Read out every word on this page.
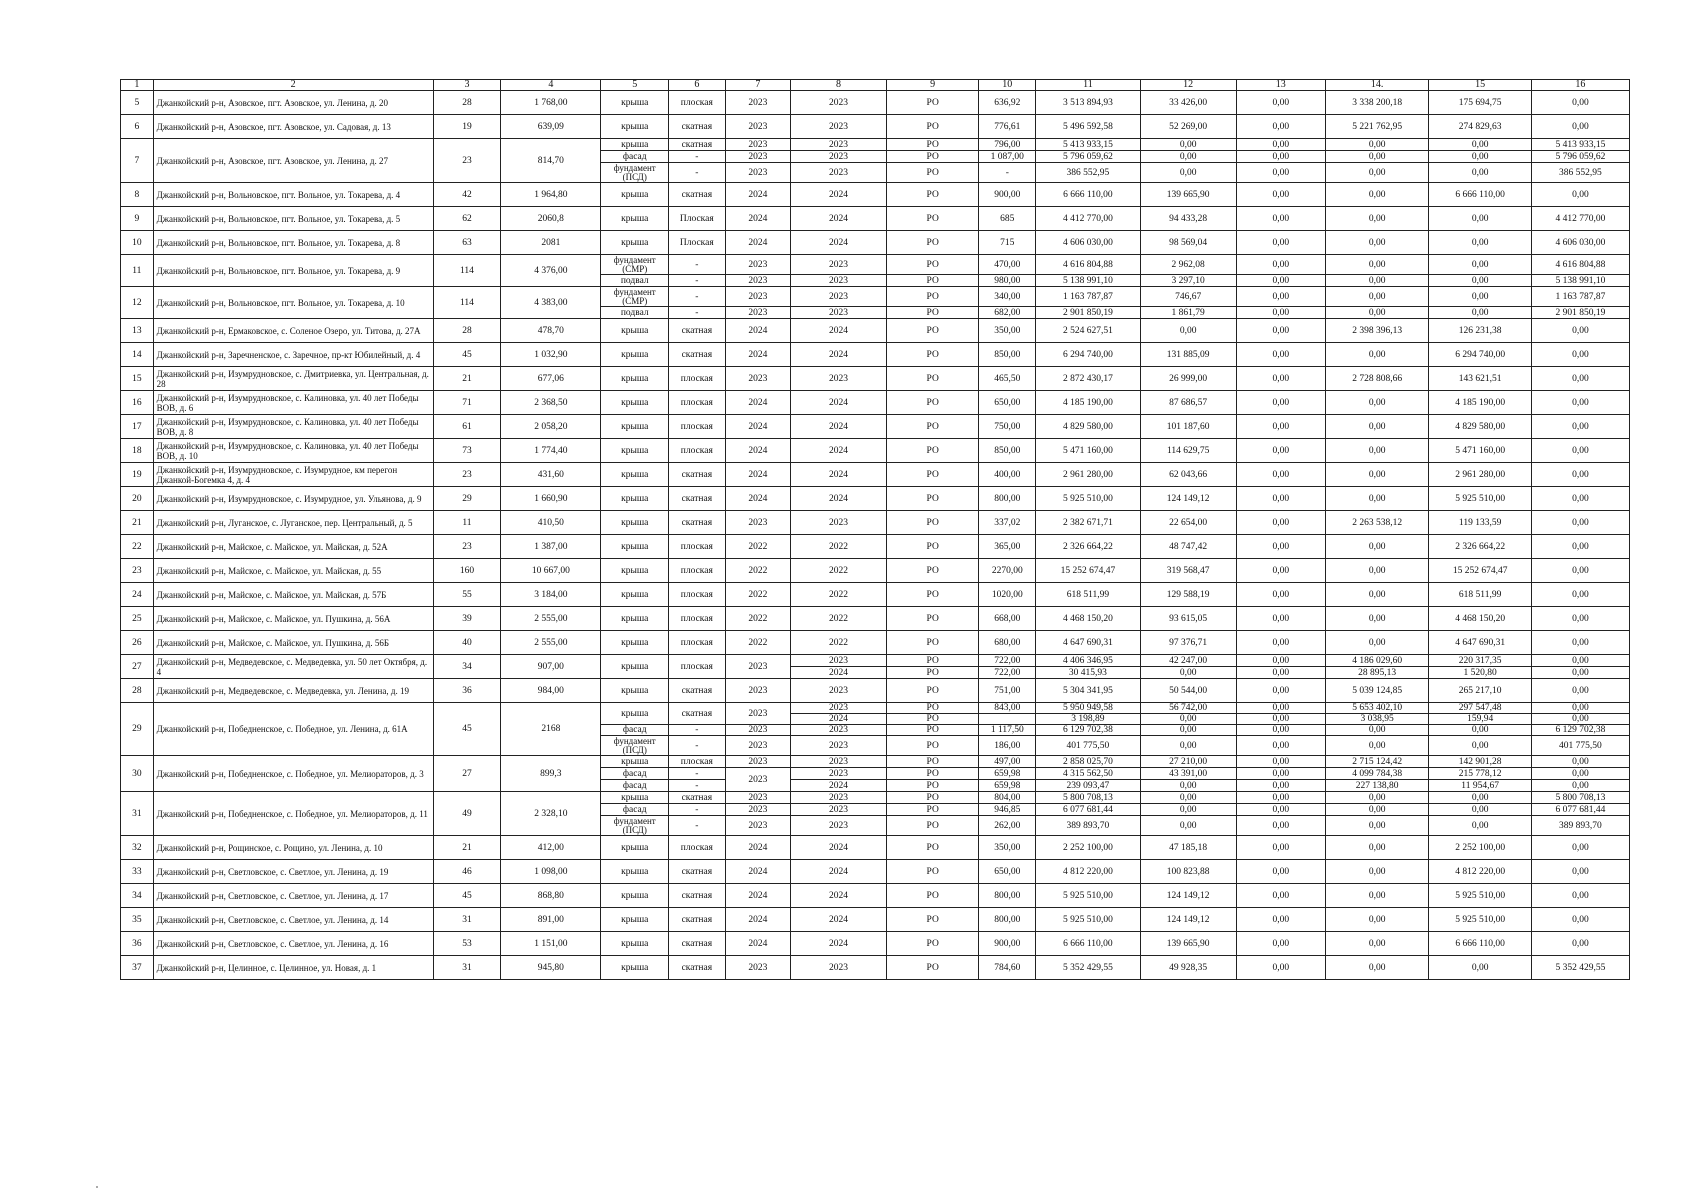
1	2	3	4	5	6	7	8	9	10	11	12	13	14.	15	16
5	Джанкойский р-н, Азовское, пгт. Азовское, ул. Ленина, д. 20	28	1 768,00	крыша	плоская	2023	2023	РО	636,92	3 513 894,93	33 426,00	0,00	3 338 200,18	175 694,75	0,00
6	Джанкойский р-н, Азовское, пгт. Азовское, ул. Садовая, д. 13	19	639,09	крыша	скатная	2023	2023	РО	776,61	5 496 592,58	52 269,00	0,00	5 221 762,95	274 829,63	0,00
7	Джанкойский р-н, Азовское, пгт. Азовское, ул. Ленина, д. 27	23	814,70	крыша	скатная	2023	2023	РО	796,00	5 413 933,15	0,00	0,00	0,00	0,00	5 413 933,15
				фасад	-	2023	2023	РО	1 087,00	5 796 059,62	0,00	0,00	0,00	0,00	5 796 059,62
				фундамент (ПСД)	-	2023	2023	РО	-	386 552,95	0,00	0,00	0,00	0,00	386 552,95
8	Джанкойский р-н, Вольновское, пгт. Вольное, ул. Токарева, д. 4	42	1 964,80	крыша	скатная	2024	2024	РО	900,00	6 666 110,00	139 665,90	0,00	0,00	6 666 110,00	0,00
9	Джанкойский р-н, Вольновское, пгт. Вольное, ул. Токарева, д. 5	62	2060,8	крыша	Плоская	2024	2024	РО	685	4 412 770,00	94 433,28	0,00	0,00	0,00	4 412 770,00
10	Джанкойский р-н, Вольновское, пгт. Вольное, ул. Токарева, д. 8	63	2081	крыша	Плоская	2024	2024	РО	715	4 606 030,00	98 569,04	0,00	0,00	0,00	4 606 030,00
11	Джанкойский р-н, Вольновское, пгт. Вольное, ул. Токарева, д. 9	114	4 376,00	фундамент (СМР)	-	2023	2023	РО	470,00	4 616 804,88	2 962,08	0,00	0,00	0,00	4 616 804,88
				подвал	-	2023	2023	РО	980,00	5 138 991,10	3 297,10	0,00	0,00	0,00	5 138 991,10
12	Джанкойский р-н, Вольновское, пгт. Вольное, ул. Токарева, д. 10	114	4 383,00	фундамент (СМР)	-	2023	2023	РО	340,00	1 163 787,87	746,67	0,00	0,00	0,00	1 163 787,87
				подвал	-	2023	2023	РО	682,00	2 901 850,19	1 861,79	0,00	0,00	0,00	2 901 850,19
13	Джанкойский р-н, Ермаковское, с. Соленое Озеро, ул. Титова, д. 27А	28	478,70	крыша	скатная	2024	2024	РО	350,00	2 524 627,51	0,00	0,00	2 398 396,13	126 231,38	0,00
14	Джанкойский р-н, Заречненское, с. Заречное, пр-кт Юбилейный, д. 4	45	1 032,90	крыша	скатная	2024	2024	РО	850,00	6 294 740,00	131 885,09	0,00	0,00	6 294 740,00	0,00
15	Джанкойский р-н, Изумрудновское, с. Дмитриевка, ул. Центральная, д. 28	21	677,06	крыша	плоская	2023	2023	РО	465,50	2 872 430,17	26 999,00	0,00	2 728 808,66	143 621,51	0,00
16	Джанкойский р-н, Изумрудновское, с. Калиновка, ул. 40 лет Победы ВОВ, д. 6	71	2 368,50	крыша	плоская	2024	2024	РО	650,00	4 185 190,00	87 686,57	0,00	0,00	4 185 190,00	0,00
17	Джанкойский р-н, Изумрудновское, с. Калиновка, ул. 40 лет Победы ВОВ, д. 8	61	2 058,20	крыша	плоская	2024	2024	РО	750,00	4 829 580,00	101 187,60	0,00	0,00	4 829 580,00	0,00
18	Джанкойский р-н, Изумрудновское, с. Калиновка, ул. 40 лет Победы ВОВ, д. 10	73	1 774,40	крыша	плоская	2024	2024	РО	850,00	5 471 160,00	114 629,75	0,00	0,00	5 471 160,00	0,00
19	Джанкойский р-н, Изумрудновское, с. Изумрудное, км перегон Джанкой-Богемка 4, д. 4	23	431,60	крыша	скатная	2024	2024	РО	400,00	2 961 280,00	62 043,66	0,00	0,00	2 961 280,00	0,00
20	Джанкойский р-н, Изумрудновское, с. Изумрудное, ул. Ульянова, д. 9	29	1 660,90	крыша	скатная	2024	2024	РО	800,00	5 925 510,00	124 149,12	0,00	0,00	5 925 510,00	0,00
21	Джанкойский р-н, Луганское, с. Луганское, пер. Центральный, д. 5	11	410,50	крыша	скатная	2023	2023	РО	337,02	2 382 671,71	22 654,00	0,00	2 263 538,12	119 133,59	0,00
22	Джанкойский р-н, Майское, с. Майское, ул. Майская, д. 52А	23	1 387,00	крыша	плоская	2022	2022	РО	365,00	2 326 664,22	48 747,42	0,00	0,00	2 326 664,22	0,00
23	Джанкойский р-н, Майское, с. Майское, ул. Майская, д. 55	160	10 667,00	крыша	плоская	2022	2022	РО	2270,00	15 252 674,47	319 568,47	0,00	0,00	15 252 674,47	0,00
24	Джанкойский р-н, Майское, с. Майское, ул. Майская, д. 57Б	55	3 184,00	крыша	плоская	2022	2022	РО	1020,00	618 511,99	129 588,19	0,00	0,00	618 511,99	0,00
25	Джанкойский р-н, Майское, с. Майское, ул. Пушкина, д. 56А	39	2 555,00	крыша	плоская	2022	2022	РО	668,00	4 468 150,20	93 615,05	0,00	0,00	4 468 150,20	0,00
26	Джанкойский р-н, Майское, с. Майское, ул. Пушкина, д. 56Б	40	2 555,00	крыша	плоская	2022	2022	РО	680,00	4 647 690,31	97 376,71	0,00	0,00	4 647 690,31	0,00
27	Джанкойский р-н, Медведевское, с. Медведевка, ул. 50 лет Октября, д. 4	34	907,00	крыша	плоская	2023	2023	РО	722,00	4 406 346,95	42 247,00	0,00	4 186 029,60	220 317,35	0,00
							2024	РО	722,00	30 415,93	0,00	0,00	28 895,13	1 520,80	0,00
28	Джанкойский р-н, Медведевское, с. Медведевка, ул. Ленина, д. 19	36	984,00	крыша	скатная	2023	2023	РО	751,00	5 304 341,95	50 544,00	0,00	5 039 124,85	265 217,10	0,00
29	Джанкойский р-н, Победненское, с. Победное, ул. Ленина, д. 61А	45	2168	крыша	скатная	2023	2023	РО	843,00	5 950 949,58	56 742,00	0,00	5 653 402,10	297 547,48	0,00
							2024	РО		3 198,89	0,00	0,00	3 038,95	159,94	0,00
				фасад	-	2023	2023	РО	1 117,50	6 129 702,38	0,00	0,00	0,00	0,00	6 129 702,38
				фундамент (ПСД)	-	2023	2023	РО	186,00	401 775,50	0,00	0,00	0,00	0,00	401 775,50
30	Джанкойский р-н, Победненское, с. Победное, ул. Мелиораторов, д. 3	27	899,3	крыша	плоская	2023	2023	РО	497,00	2 858 025,70	27 210,00	0,00	2 715 124,42	142 901,28	0,00
				фасад	-	2023	2023	РО	659,98	4 315 562,50	43 391,00	0,00	4 099 784,38	215 778,12	0,00
				фасад	-		2024	РО	659,98	239 093,47	0,00	0,00	227 138,80	11 954,67	0,00
31	Джанкойский р-н, Победненское, с. Победное, ул. Мелиораторов, д. 11	49	2 328,10	крыша	скатная	2023	2023	РО	804,00	5 800 708,13	0,00	0,00	0,00	0,00	5 800 708,13
				фасад	-	2023	2023	РО	946,85	6 077 681,44	0,00	0,00	0,00	0,00	6 077 681,44
				фундамент (ПСД)	-	2023	2023	РО	262,00	389 893,70	0,00	0,00	0,00	0,00	389 893,70
32	Джанкойский р-н, Рощинское, с. Рощино, ул. Ленина, д. 10	21	412,00	крыша	плоская	2024	2024	РО	350,00	2 252 100,00	47 185,18	0,00	0,00	2 252 100,00	0,00
33	Джанкойский р-н, Светловское, с. Светлое, ул. Ленина, д. 19	46	1 098,00	крыша	скатная	2024	2024	РО	650,00	4 812 220,00	100 823,88	0,00	0,00	4 812 220,00	0,00
34	Джанкойский р-н, Светловское, с. Светлое, ул. Ленина, д. 17	45	868,80	крыша	скатная	2024	2024	РО	800,00	5 925 510,00	124 149,12	0,00	0,00	5 925 510,00	0,00
35	Джанкойский р-н, Светловское, с. Светлое, ул. Ленина, д. 14	31	891,00	крыша	скатная	2024	2024	РО	800,00	5 925 510,00	124 149,12	0,00	0,00	5 925 510,00	0,00
36	Джанкойский р-н, Светловское, с. Светлое, ул. Ленина, д. 16	53	1 151,00	крыша	скатная	2024	2024	РО	900,00	6 666 110,00	139 665,90	0,00	0,00	6 666 110,00	0,00
37	Джанкойский р-н, Целинное, с. Целинное, ул. Новая, д. 1	31	945,80	крыша	скатная	2023	2023	РО	784,60	5 352 429,55	49 928,35	0,00	0,00	0,00	5 352 429,55
